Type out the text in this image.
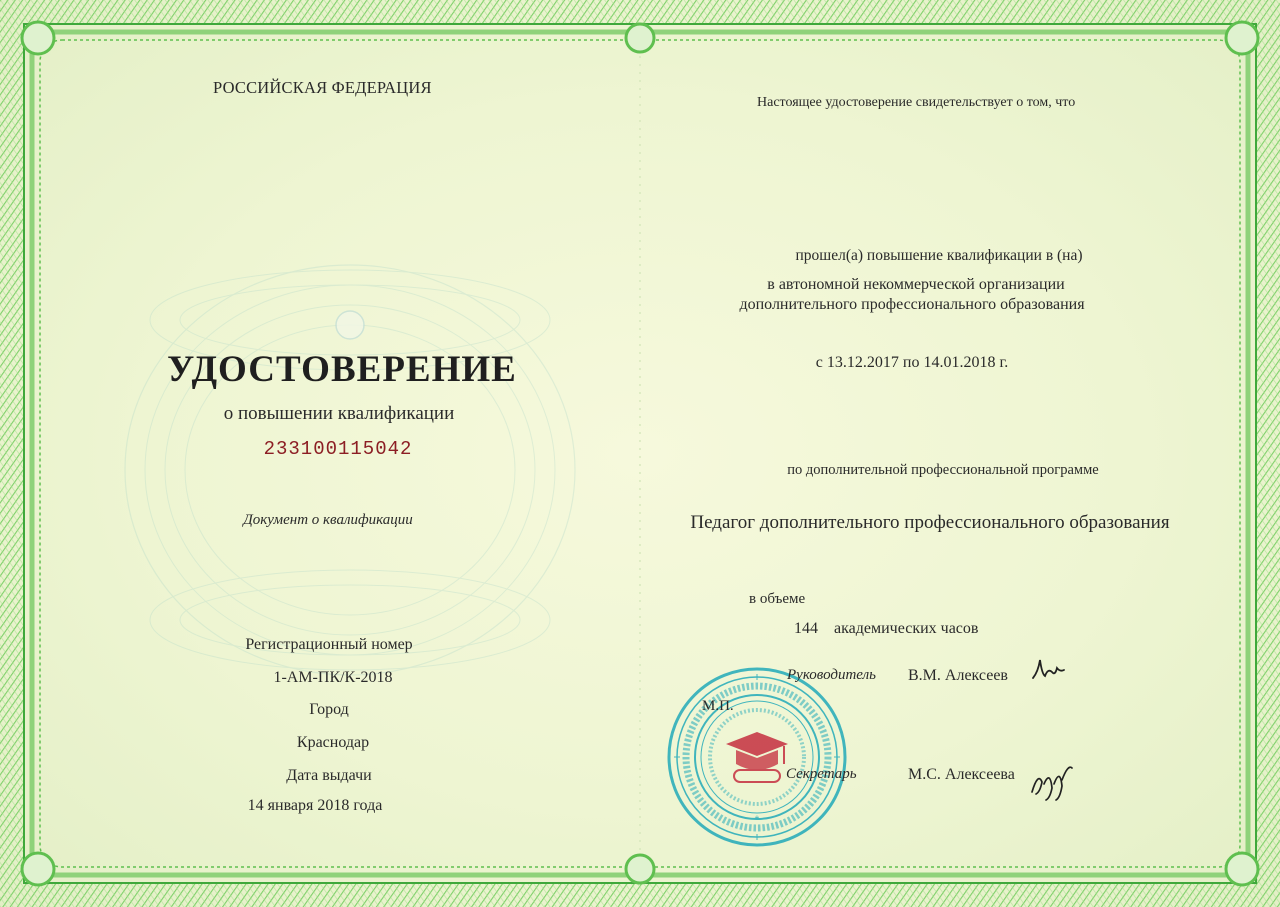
РОССИЙСКАЯ ФЕДЕРАЦИЯ

УДОСТОВЕРЕНИЕ

о повышении квалификации

233100115042

Документ о квалификации

Регистрационный номер

1-АМ-ПК/К-2018

Город

Краснодар

Дата выдачи

14 января 2018 года

Настоящее удостоверение свидетельствует о том, что

прошел(а) повышение квалификации в (на)

в автономной некоммерческой организации

дополнительного профессионального образования

с 13.12.2017 по 14.01.2018 г.

по дополнительной профессиональной программе

Педагог дополнительного профессионального образования

в объеме

144 академических часов

*

Руководитель В.М. Алексеев

М.П.

Секретарь	М.С. Алексеева
